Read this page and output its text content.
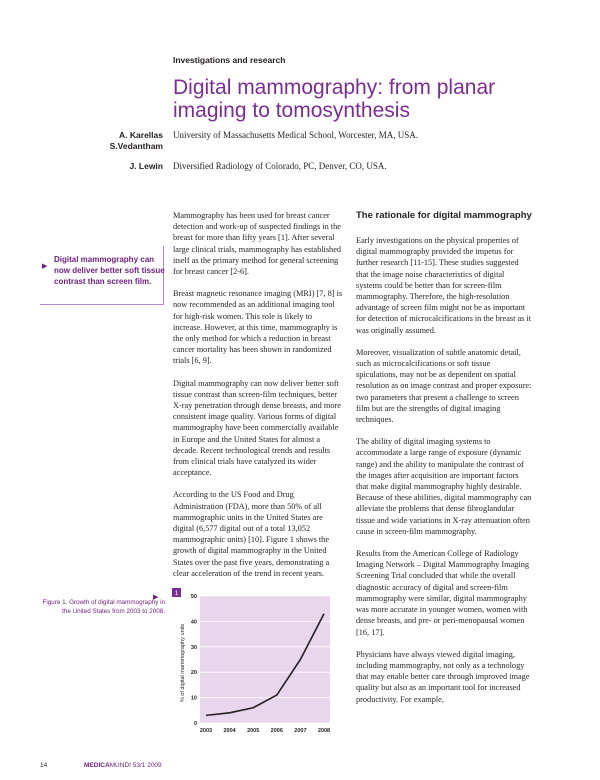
Investigations and research
Digital mammography: from planar imaging to tomosynthesis
A. Karellas
S.Vedantham
University of Massachusetts Medical School, Worcester, MA, USA.
J. Lewin Diversified Radiology of Colorado, PC, Denver, CO, USA.
▶
Digital mammography can now deliver better soft tissue contrast than screen film.

Mammography has been used for breast cancer detection and work-up of suspected findings in the breast for more than fifty years [1]. After several large clinical trials, mammography has established itself as the primary method for general screening for breast cancer [2-6].

Breast magnetic resonance imaging (MRI) [7, 8] is now recommended as an additional imaging tool for high-risk women. This role is likely to increase. However, at this time, mammography is the only method for which a reduction in breast cancer mortality has been shown in randomized trials [6, 9].

Digital mammography can now deliver better soft tissue contrast than screen-film techniques, better X-ray penetration through dense breasts, and more consistent image quality. Various forms of digital mammography have been commercially available in Europe and the United States for almost a decade. Recent technological trends and results from clinical trials have catalyzed its wider acceptance.

According to the US Food and Drug Administration (FDA), more than 50% of all mammographic units in the United States are digital (6,577 digital out of a total 13,052 mammographic units) [10]. Figure 1 shows the growth of digital mammography in the United States over the past five years, demonstrating a clear acceleration of the trend in recent years.

The rationale for digital mammography

Early investigations on the physical properties of digital mammography provided the impetus for further research [11-15]. These studies suggested that the image noise characteristics of digital systems could be better than for screen-film mammography. Therefore, the high-resolution advantage of screen film might not be as important for detection of microcalcifications in the breast as it was originally assumed.

Moreover, visualization of subtle anatomic detail, such as microcalcifications or soft tissue spiculations, may not be as dependent on spatial resolution as on image contrast and proper exposure: two parameters that present a challenge to screen film but are the strengths of digital imaging techniques.

The ability of digital imaging systems to accommodate a large range of exposure (dynamic range) and the ability to manipulate the contrast of the images after acquisition are important factors that make digital mammography highly desirable. Because of these abilities, digital mammography can alleviate the problems that dense fibroglandular tissue and wide variations in X-ray attenuation often cause in screen-film mammography.

Results from the American College of Radiology Imaging Network – Digital Mammography Imaging Screening Trial concluded that while the overall diagnostic accuracy of digital and screen-film mammography were similar, digital mammography was more accurate in younger women, women with dense breasts, and pre- or peri-menopausal women [16, 17].

Physicians have always viewed digital imaging, including mammography, not only as a technology that may enable better care through improved image quality but also as an important tool for increased productivity. For example,

▶
Figure 1. Growth of digital mammography in the United States from 2003 to 2008.
1
% of digital mammography units
0
10
20
30
40
50
2003 2004 2005 2006 2007 2008
14	MEDICAMUNDI 53/1 2009
